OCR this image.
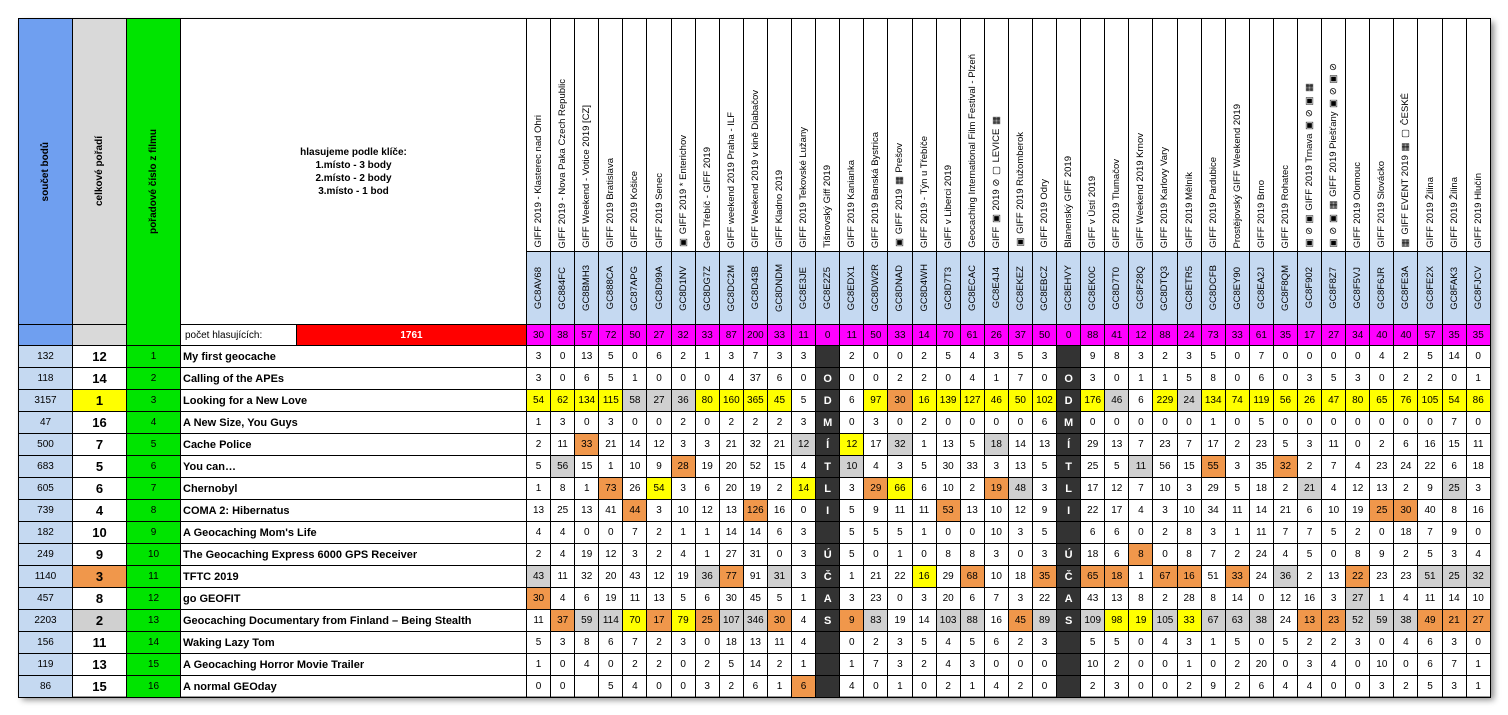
součet bodů	celkové pořadí	pořadové číslo z filmu	hlasujeme podle klíče:
1.místo - 3 body
2.místo - 2 body
3.místo - 1 bod		GIFF 2019 - Klasterec nad Ohri	GIFF 2019 - Nova Paka Czech Republic	GIFF Weekend - Votice 2019 [CZ]	GIFF 2019 Bratislava	GIFF 2019 Košice	GIFF 2019 Senec	▣ GIFF 2019 * Enterichov	Geo Třebíč - GIFF 2019	GIFF weekend 2019 Praha - ILF	GIFF Weekend 2019 v kině Diabačov	GIFF Kladno 2019	GIFF 2019 Tekovské Lužany	Tišnovský Giff 2019	GIFF 2019 Kanianka	GIFF 2019 Banská Bystrica	▣ GIFF 2019 ▦ Prešov	GIFF 2019 - Týn u Třebíče	GIFF v Liberci 2019	Geocaching International Film Festival - Plzeň	GIFF ▣ 2019 ⊘ ▢ LEVICE ▦	▣ GIFF 2019 Ružomberok	GIFF 2019 Odry	Blanenský GIFF 2019	GIFF v Ústí 2019	GIFF 2019 Tlumačov	GIFF Weekend 2019 Krnov	GIFF 2019 Karlovy Vary	GIFF 2019 Mělník	GIFF 2019 Pardubice	Prostějovský GIFF Weekend 2019	GIFF 2019 Brno	GIFF 2019 Rohatec	▣ ⊘ ▣ GIFF 2019 Trnava ▣ ⊘ ▣ ▦	▣ ⊘ ▣ ▦ GIFF 2019 Piešťany ▣ ⊘ ▣ ⊘	GIFF 2019 Olomouc	GIFF 2019 Slovácko	▦ GIFF EVENT 2019 ▦ ▢ ČESKÉ	GIFF 2019 Žilina	GIFF 2019 Žilina	GIFF 2019 Hlučín

					GC8AV68	GC884FC	GC8BMH3	GC888CA	GC87APG	GC8D99A	GC8D1NV	GC8DG7Z	GC8DC2M	GC8D43B	GC8DNDM	GC8E3JE	GC8E2Z5	GC8EDX1	GC8DW2R	GC8DNAD	GC8D4WH	GC8D7T3	GC8ECAC	GC8E4J4	GC8EKEZ	GC8EBCZ	GC8EHVY	GC8EK0C	GC8D7T0	GC8F28Q	GC8DTQ3	GC8ETR5	GC8DCFB	GC8EY90	GC8EA2J	GC8F8QM	GC8F902	GC8F8Z7	GC8F5VJ	GC8F6JR	GC8FE3A	GC8FE2X	GC8FAK3	GC8FJCV

			počet hlasujících:	1761	30	38	57	72	50	27	32	33	87	200	33	11	0	11	50	33	14	70	61	26	37	50	0	88	41	12	88	24	73	33	61	35	17	27	34	40	40	57	35	35
132	12	1	My first geocache		3	0	13	5	0	6	2	1	3	7	3	3		2	0	0	2	5	4	3	5	3		9	8	3	2	3	5	0	7	0	0	0	0	4	2	5	14	0
118	14	2	Calling of the APEs		3	0	6	5	1	0	0	0	4	37	6	0	O	0	0	2	2	0	4	1	7	0	O	3	0	1	1	5	8	0	6	0	3	5	3	0	2	2	0	1
3157	1	3	Looking for a New Love		54	62	134	115	58	27	36	80	160	365	45	5	D	6	97	30	16	139	127	46	50	102	D	176	46	6	229	24	134	74	119	56	26	47	80	65	76	105	54	86
47	16	4	A New Size, You Guys		1	3	0	3	0	0	2	0	2	2	2	3	M	0	3	0	2	0	0	0	0	6	M	0	0	0	0	0	1	0	5	0	0	0	0	0	0	0	7	0
500	7	5	Cache Police		2	11	33	21	14	12	3	3	21	32	21	12	Í	12	17	32	1	13	5	18	14	13	Í	29	13	7	23	7	17	2	23	5	3	11	0	2	6	16	15	11
683	5	6	You can…		5	56	15	1	10	9	28	19	20	52	15	4	T	10	4	3	5	30	33	3	13	5	T	25	5	11	56	15	55	3	35	32	2	7	4	23	24	22	6	18
605	6	7	Chernobyl		1	8	1	73	26	54	3	6	20	19	2	14	L	3	29	66	6	10	2	19	48	3	L	17	12	7	10	3	29	5	18	2	21	4	12	13	2	9	25	3
739	4	8	COMA 2: Hibernatus		13	25	13	41	44	3	10	12	13	126	16	0	I	5	9	11	11	53	13	10	12	9	I	22	17	4	3	10	34	11	14	21	6	10	19	25	30	40	8	16
182	10	9	A Geocaching Mom's Life		4	4	0	0	7	2	1	1	14	14	6	3		5	5	5	1	0	0	10	3	5		6	6	0	2	8	3	1	11	7	7	5	2	0	18	7	9	0
249	9	10	The Geocaching Express 6000 GPS Receiver		2	4	19	12	3	2	4	1	27	31	0	3	Ú	5	0	1	0	8	8	3	0	3	Ú	18	6	8	0	8	7	2	24	4	5	0	8	9	2	5	3	4
1140	3	11	TFTC 2019		43	11	32	20	43	12	19	36	77	91	31	3	Č	1	21	22	16	29	68	10	18	35	Č	65	18	1	67	16	51	33	24	36	2	13	22	23	23	51	25	32
457	8	12	go GEOFIT		30	4	6	19	11	13	5	6	30	45	5	1	A	3	23	0	3	20	6	7	3	22	A	43	13	8	2	28	8	14	0	12	16	3	27	1	4	11	14	10
2203	2	13	Geocaching Documentary from Finland – Being Stealth		11	37	59	114	70	17	79	25	107	346	30	4	S	9	83	19	14	103	88	16	45	89	S	109	98	19	105	33	67	63	38	24	13	23	52	59	38	49	21	27
156	11	14	Waking Lazy Tom		5	3	8	6	7	2	3	0	18	13	11	4		0	2	3	5	4	5	6	2	3		5	5	0	4	3	1	5	0	5	2	2	3	0	4	6	3	0
119	13	15	A Geocaching Horror Movie Trailer		1	0	4	0	2	2	0	2	5	14	2	1		1	7	3	2	4	3	0	0	0		10	2	0	0	1	0	2	20	0	3	4	0	10	0	6	7	1
86	15	16	A normal GEOday		0	0		5	4	0	0	3	2	6	1	6		4	0	1	0	2	1	4	2	0		2	3	0	0	2	9	2	6	4	4	0	0	3	2	5	3	1
